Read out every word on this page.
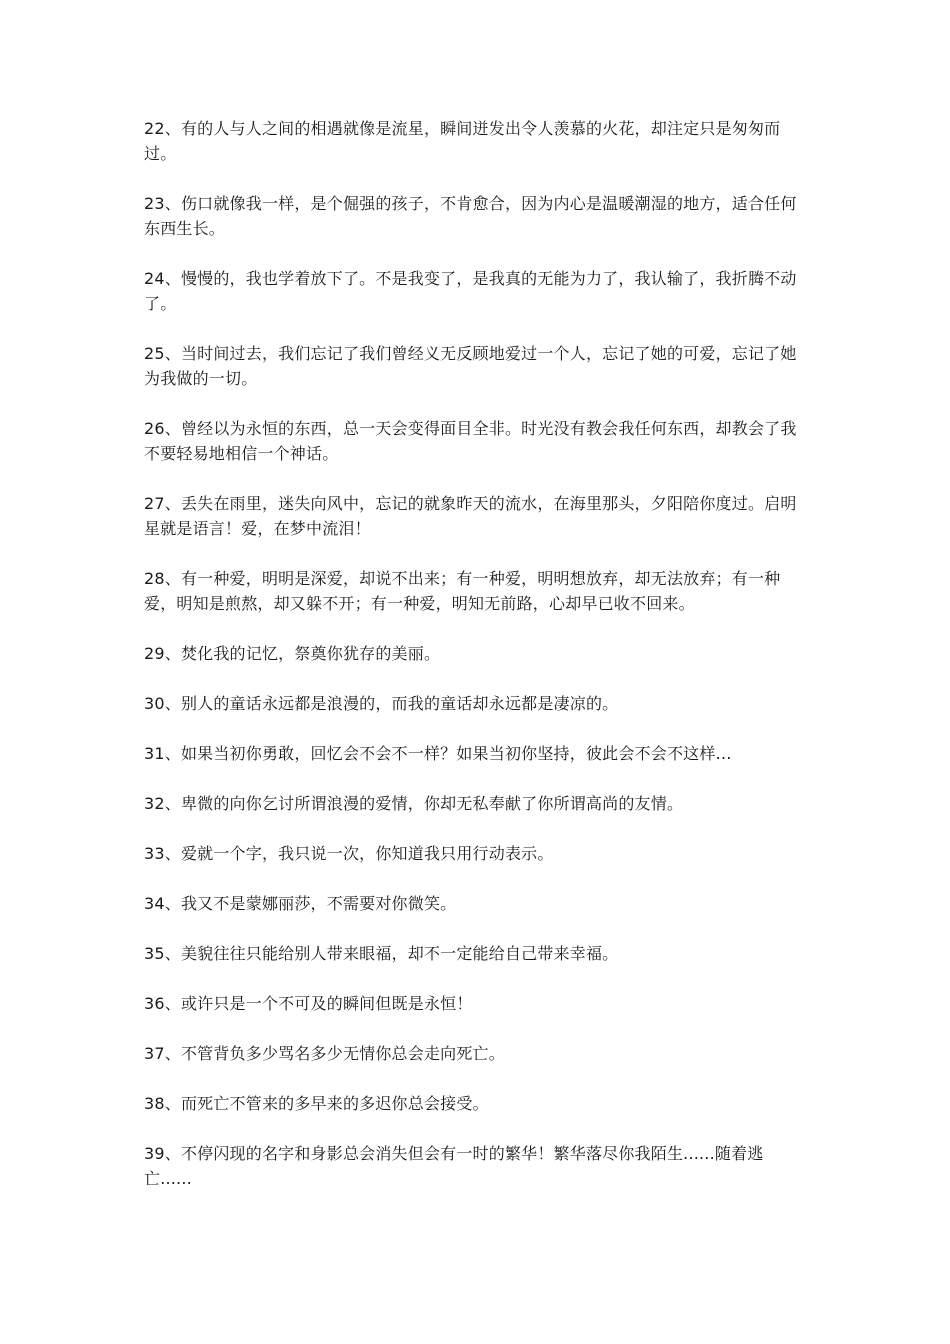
22、有的人与人之间的相遇就像是流星，瞬间迸发出令人羡慕的火花，却注定只是匆匆而过。

23、伤口就像我一样，是个倔强的孩子，不肯愈合，因为内心是温暖潮湿的地方，适合任何东西生长。

24、慢慢的，我也学着放下了。不是我变了，是我真的无能为力了，我认输了，我折腾不动了。

25、当时间过去，我们忘记了我们曾经义无反顾地爱过一个人，忘记了她的可爱，忘记了她为我做的一切。

26、曾经以为永恒的东西，总一天会变得面目全非。时光没有教会我任何东西，却教会了我不要轻易地相信一个神话。

27、丢失在雨里，迷失向风中，忘记的就象昨天的流水，在海里那头，夕阳陪你度过。启明星就是语言！爱，在梦中流泪！

28、有一种爱，明明是深爱，却说不出来；有一种爱，明明想放弃，却无法放弃；有一种爱，明知是煎熬，却又躲不开；有一种爱，明知无前路，心却早已收不回来。

29、焚化我的记忆，祭奠你犹存的美丽。

30、别人的童话永远都是浪漫的，而我的童话却永远都是凄凉的。

31、如果当初你勇敢，回忆会不会不一样？如果当初你坚持，彼此会不会不这样…

32、卑微的向你乞讨所谓浪漫的爱情，你却无私奉献了你所谓高尚的友情。

33、爱就一个字，我只说一次，你知道我只用行动表示。

34、我又不是蒙娜丽莎，不需要对你微笑。

35、美貌往往只能给别人带来眼福，却不一定能给自己带来幸福。

36、或许只是一个不可及的瞬间但既是永恒！

37、不管背负多少骂名多少无情你总会走向死亡。

38、而死亡不管来的多早来的多迟你总会接受。

39、不停闪现的名字和身影总会消失但会有一时的繁华！繁华落尽你我陌生......随着逃亡......
